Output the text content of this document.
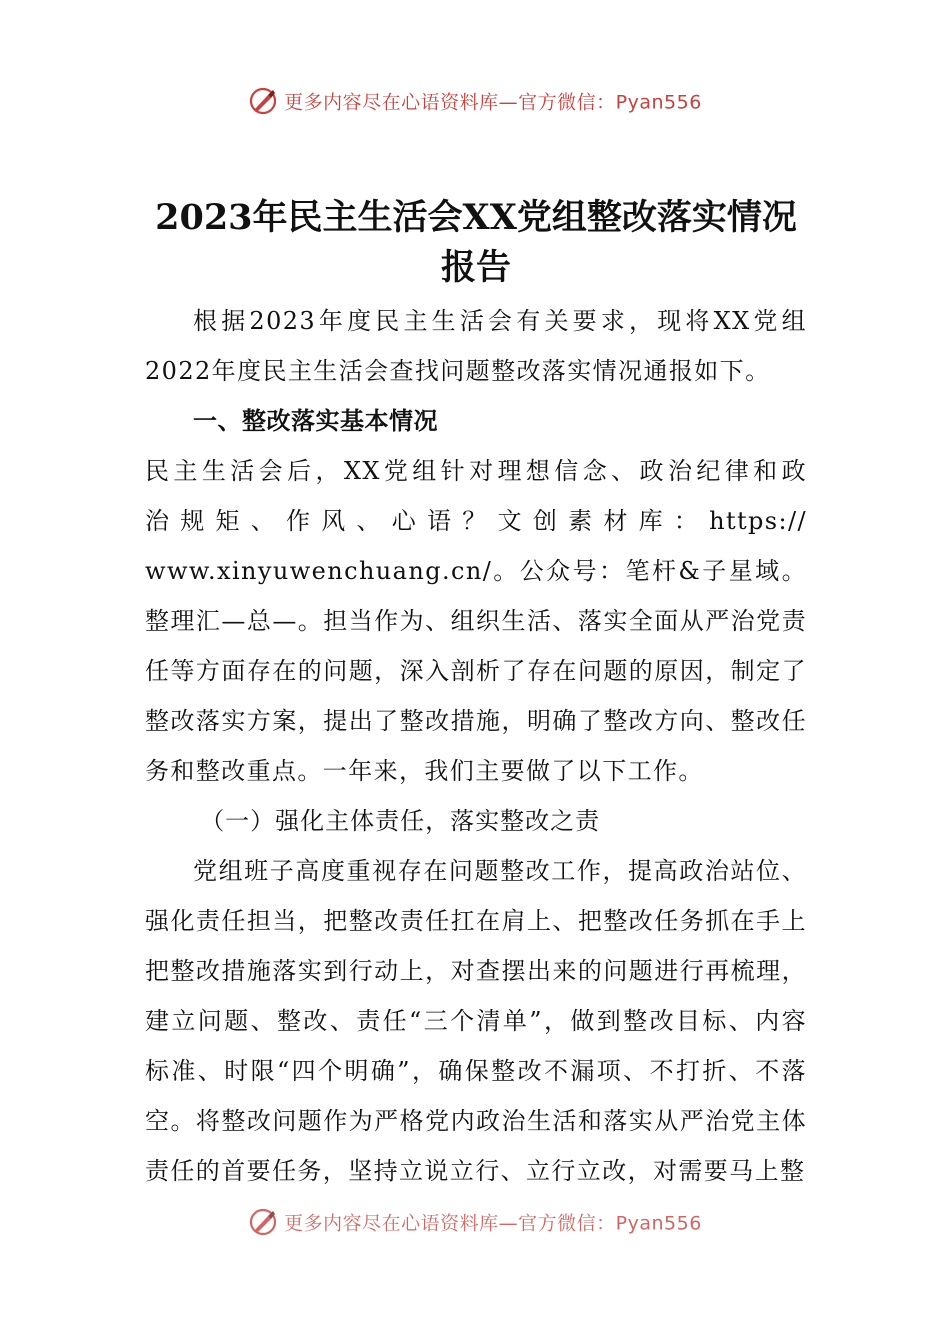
更多内容尽在心语资料库—官方微信：Pyan556
2023年民主生活会XX党组整改落实情况
报告

根据2023年度民主生活会有关要求，现将XX党组2022年度民主生活会查找问题整改落实情况通报如下。

一、整改落实基本情况

民主生活会后，XX党组针对理想信念、政治纪律和政

治规矩、作风、心语？文创素材库：https://

www.xinyuwenchuang.cn/。公众号：笔杆&子星域。整理汇—总—。担当作为、组织生活、落实全面从严治党责任等方面存在的问题，深入剖析了存在问题的原因，制定了整改落实方案，提出了整改措施，明确了整改方向、整改任务和整改重点。一年来，我们主要做了以下工作。

（一）强化主体责任，落实整改之责

党组班子高度重视存在问题整改工作，提高政治站位、强化责任担当，把整改责任扛在肩上、把整改任务抓在手上把整改措施落实到行动上，对查摆出来的问题进行再梳理，建立问题、整改、责任“三个清单”，做到整改目标、内容标准、时限“四个明确”，确保整改不漏项、不打折、不落空。将整改问题作为严格党内政治生活和落实从严治党主体责任的首要任务，坚持立说立行、立行立改，对需要马上整

更多内容尽在心语资料库—官方微信：Pyan556
